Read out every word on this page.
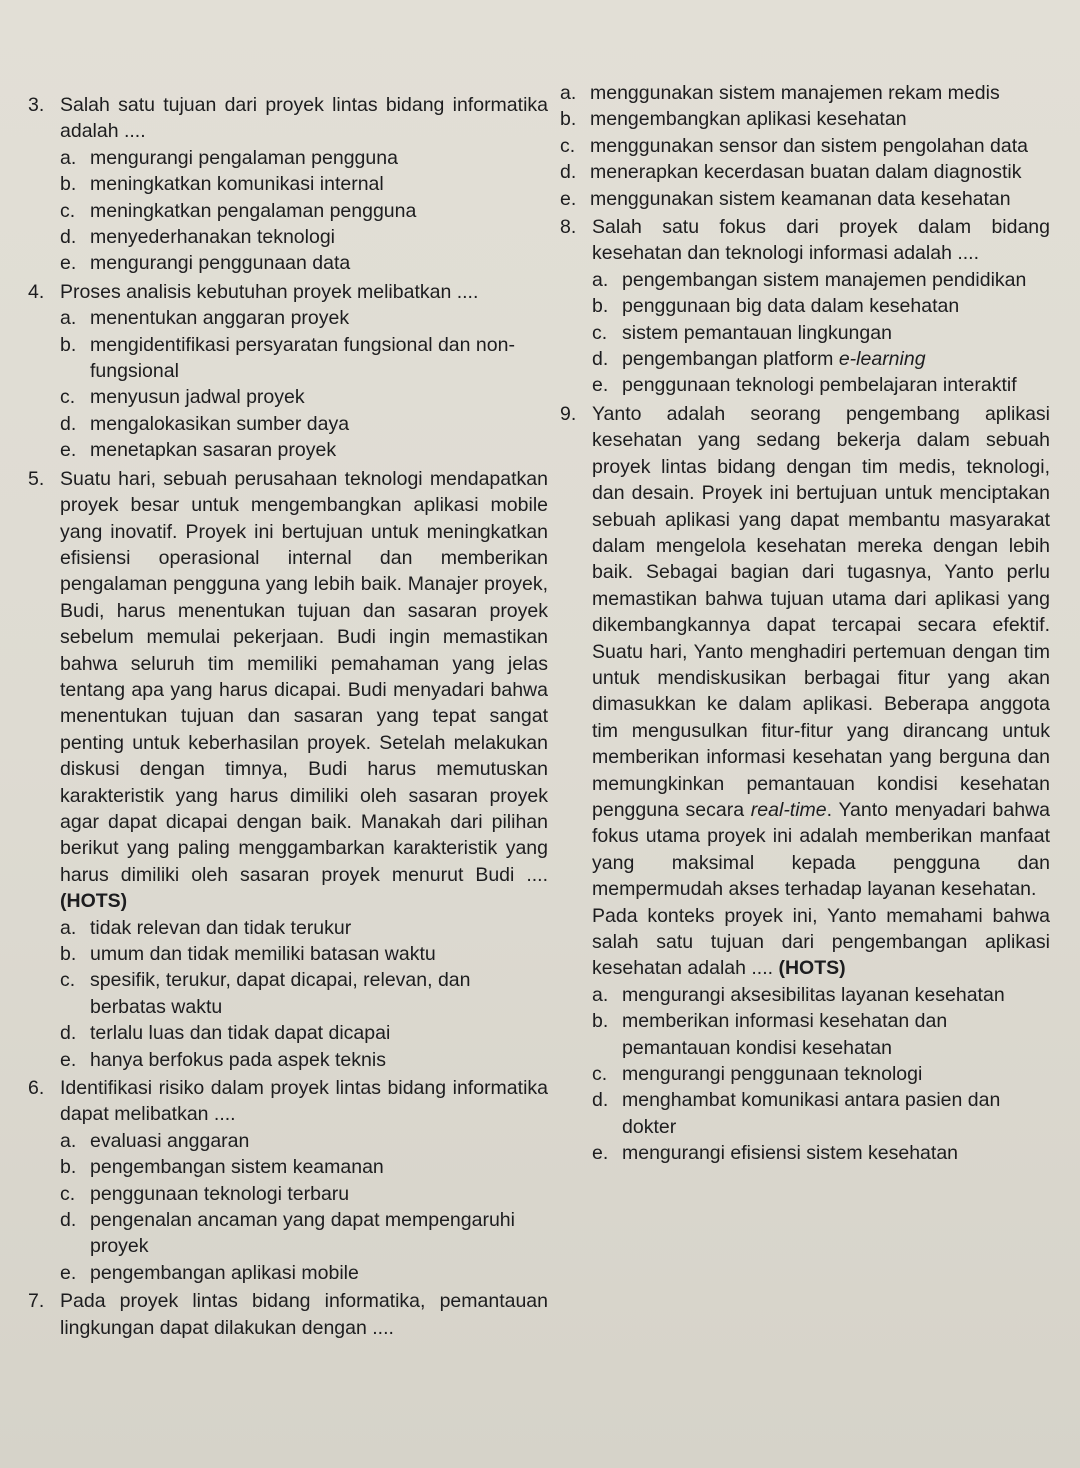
3. Salah satu tujuan dari proyek lintas bidang informatika adalah ....
a. mengurangi pengalaman pengguna
b. meningkatkan komunikasi internal
c. meningkatkan pengalaman pengguna
d. menyederhanakan teknologi
e. mengurangi penggunaan data
4. Proses analisis kebutuhan proyek melibatkan ....
a. menentukan anggaran proyek
b. mengidentifikasi persyaratan fungsional dan non-fungsional
c. menyusun jadwal proyek
d. mengalokasikan sumber daya
e. menetapkan sasaran proyek
5. Suatu hari, sebuah perusahaan teknologi mendapatkan proyek besar untuk mengembangkan aplikasi mobile yang inovatif. Proyek ini bertujuan untuk meningkatkan efisiensi operasional internal dan memberikan pengalaman pengguna yang lebih baik. Manajer proyek, Budi, harus menentukan tujuan dan sasaran proyek sebelum memulai pekerjaan. Budi ingin memastikan bahwa seluruh tim memiliki pemahaman yang jelas tentang apa yang harus dicapai. Budi menyadari bahwa menentukan tujuan dan sasaran yang tepat sangat penting untuk keberhasilan proyek. Setelah melakukan diskusi dengan timnya, Budi harus memutuskan karakteristik yang harus dimiliki oleh sasaran proyek agar dapat dicapai dengan baik. Manakah dari pilihan berikut yang paling menggambarkan karakteristik yang harus dimiliki oleh sasaran proyek menurut Budi .... (HOTS)
a. tidak relevan dan tidak terukur
b. umum dan tidak memiliki batasan waktu
c. spesifik, terukur, dapat dicapai, relevan, dan berbatas waktu
d. terlalu luas dan tidak dapat dicapai
e. hanya berfokus pada aspek teknis
6. Identifikasi risiko dalam proyek lintas bidang informatika dapat melibatkan ....
a. evaluasi anggaran
b. pengembangan sistem keamanan
c. penggunaan teknologi terbaru
d. pengenalan ancaman yang dapat mempengaruhi proyek
e. pengembangan aplikasi mobile
7. Pada proyek lintas bidang informatika, pemantauan lingkungan dapat dilakukan dengan ....
a. menggunakan sistem manajemen rekam medis
b. mengembangkan aplikasi kesehatan
c. menggunakan sensor dan sistem pengolahan data
d. menerapkan kecerdasan buatan dalam diagnostik
e. menggunakan sistem keamanan data kesehatan
8. Salah satu fokus dari proyek dalam bidang kesehatan dan teknologi informasi adalah ....
a. pengembangan sistem manajemen pendidikan
b. penggunaan big data dalam kesehatan
c. sistem pemantauan lingkungan
d. pengembangan platform e-learning
e. penggunaan teknologi pembelajaran interaktif
9. Yanto adalah seorang pengembang aplikasi kesehatan yang sedang bekerja dalam sebuah proyek lintas bidang dengan tim medis, teknologi, dan desain. Proyek ini bertujuan untuk menciptakan sebuah aplikasi yang dapat membantu masyarakat dalam mengelola kesehatan mereka dengan lebih baik. Sebagai bagian dari tugasnya, Yanto perlu memastikan bahwa tujuan utama dari aplikasi yang dikembangkannya dapat tercapai secara efektif. Suatu hari, Yanto menghadiri pertemuan dengan tim untuk mendiskusikan berbagai fitur yang akan dimasukkan ke dalam aplikasi. Beberapa anggota tim mengusulkan fitur-fitur yang dirancang untuk memberikan informasi kesehatan yang berguna dan memungkinkan pemantauan kondisi kesehatan pengguna secara real-time. Yanto menyadari bahwa fokus utama proyek ini adalah memberikan manfaat yang maksimal kepada pengguna dan mempermudah akses terhadap layanan kesehatan.
Pada konteks proyek ini, Yanto memahami bahwa salah satu tujuan dari pengembangan aplikasi kesehatan adalah .... (HOTS)
a. mengurangi aksesibilitas layanan kesehatan
b. memberikan informasi kesehatan dan pemantauan kondisi kesehatan
c. mengurangi penggunaan teknologi
d. menghambat komunikasi antara pasien dan dokter
e. mengurangi efisiensi sistem kesehatan
